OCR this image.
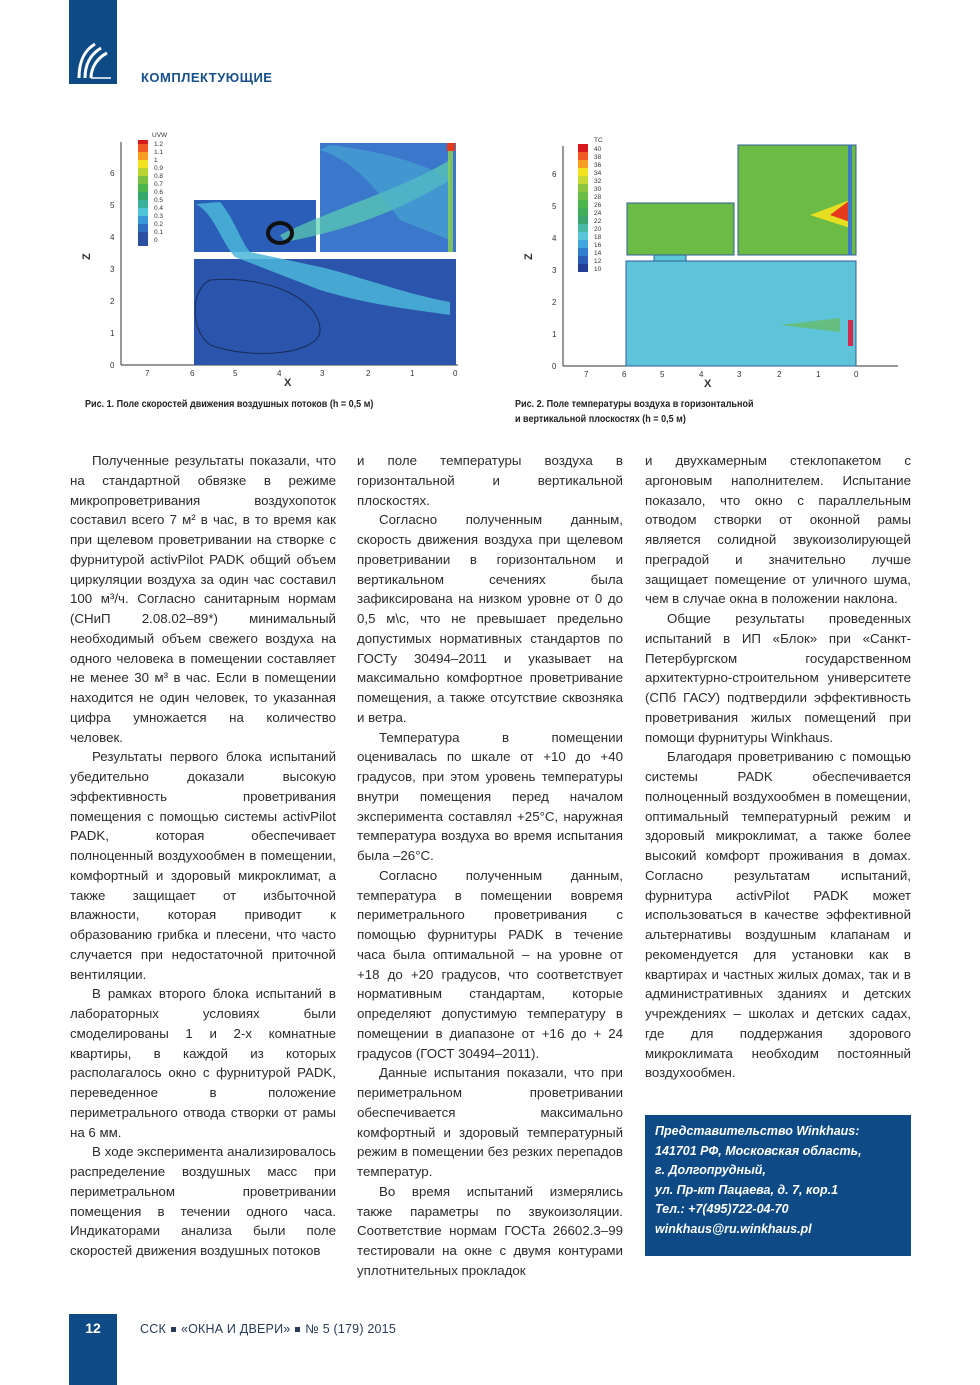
КОМПЛЕКТУЮЩИЕ
UVW
1.2
1.1
1
0.9
0.8
0.7
0.6
0.5
0.4
0.3
0.2
0.1
0
0
1
2
3
4
5
6
7	6	5	4	3	2	1	0
X
Z
TC
40
38
36
34
32
30
28
26
24
22
20
18
16
14
12
10
0
1
2
3
4
5
6
7	6	5	4	3	2	1	0
X
Z
Рис. 1. Поле скоростей движения воздушных потоков (h = 0,5 м)	Рис. 2. Поле температуры воздуха в горизонтальной
и вертикальной плоскостях (h = 0,5 м)

Полученные результаты показали, что на стандартной обвязке в режиме микропроветривания воздухопоток составил всего 7 м² в час, в то время как при щелевом проветривании на створке с фурнитурой activPilot PADK общий объем циркуляции воздуха за один час составил 100 м³/ч. Согласно санитарным нормам (СНиП 2.08.02–89*) минимальный необходимый объем свежего воздуха на одного человека в помещении составляет не менее 30 м³ в час. Если в помещении находится не один человек, то указанная цифра умножается на количество человек.

Результаты первого блока испытаний убедительно доказали высокую эффективность проветривания помещения с помощью системы activPilot PADK, которая обеспечивает полноценный воздухообмен в помещении, комфортный и здоровый микроклимат, а также защищает от избыточной влажности, которая приводит к образованию грибка и плесени, что часто случается при недостаточной приточной вентиляции.

В рамках второго блока испытаний в лабораторных условиях были смоделированы 1 и 2-х комнатные квартиры, в каждой из которых располагалось окно с фурнитурой PADK, переведенное в положение периметрального отвода створки от рамы на 6 мм.

В ходе эксперимента анализировалось распределение воздушных масс при периметральном проветривании помещения в течении одного часа. Индикаторами анализа были поле скоростей движения воздушных потоков

и поле температуры воздуха в горизонтальной и вертикальной плоскостях.

Согласно полученным данным, скорость движения воздуха при щелевом проветривании в горизонтальном и вертикальном сечениях была зафиксирована на низком уровне от 0 до 0,5 м\с, что не превышает предельно допустимых нормативных стандартов по ГОСТу 30494–2011 и указывает на максимально комфортное проветривание помещения, а также отсутствие сквозняка и ветра.

Температура в помещении оценивалась по шкале от +10 до +40 градусов, при этом уровень температуры внутри помещения перед началом эксперимента составлял +25°С, наружная температура воздуха во время испытания была –26°С.

Согласно полученным данным, температура в помещении вовремя периметрального проветривания с помощью фурнитуры PADK в течение часа была оптимальной – на уровне от +18 до +20 градусов, что соответствует нормативным стандартам, которые определяют допустимую температуру в помещении в диапазоне от +16 до + 24 градусов (ГОСТ 30494–2011).

Данные испытания показали, что при периметральном проветривании обеспечивается максимально комфортный и здоровый температурный режим в помещении без резких перепадов температур.

Во время испытаний измерялись также параметры по звукоизоляции. Соответствие нормам ГОСТа 26602.3–99 тестировали на окне с двумя контурами уплотнительных прокладок

и двухкамерным стеклопакетом с аргоновым наполнителем. Испытание показало, что окно с параллельным отводом створки от оконной рамы является солидной звукоизолирующей преградой и значительно лучше защищает помещение от уличного шума, чем в случае окна в положении наклона.

Общие результаты проведенных испытаний в ИП «Блок» при «Санкт-Петербургском государственном архитектурно-строительном университете (СПб ГАСУ) подтвердили эффективность проветривания жилых помещений при помощи фурнитуры Winkhaus.

Благодаря проветриванию с помощью системы PADK обеспечивается полноценный воздухообмен в помещении, оптимальный температурный режим и здоровый микроклимат, а также более высокий комфорт проживания в домах. Согласно результатам испытаний, фурнитура activPilot PADK может использоваться в качестве эффективной альтернативы воздушным клапанам и рекомендуется для установки как в квартирах и частных жилых домах, так и в административных зданиях и детских учреждениях – школах и детских садах, где для поддержания здорового микроклимата необходим постоянный воздухообмен.

Представительство Winkhaus:
141701 РФ, Московская область,
г. Долгопрудный,
ул. Пр-кт Пацаева, д. 7, кор.1
Тел.: +7(495)722-04-70
winkhaus@ru.winkhaus.pl
12	ССК «ОКНА И ДВЕРИ» № 5 (179) 2015
